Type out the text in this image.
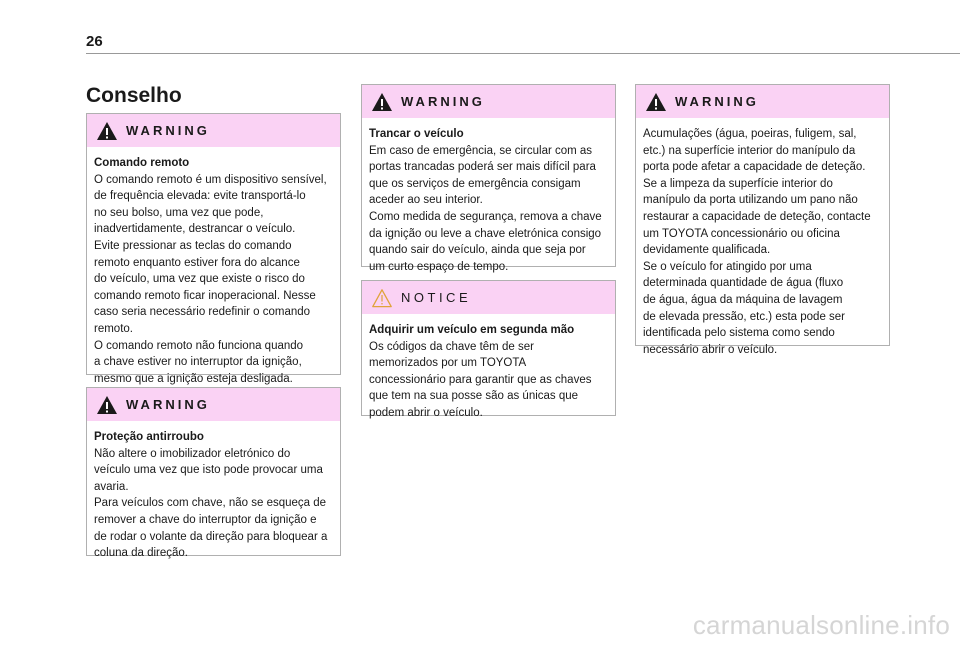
26
Conselho
WARNING

Comando remoto

O comando remoto é um dispositivo sensível,

de frequência elevada: evite transportá-lo

no seu bolso, uma vez que pode,

inadvertidamente, destrancar o veículo.

Evite pressionar as teclas do comando

remoto enquanto estiver fora do alcance

do veículo, uma vez que existe o risco do

comando remoto ficar inoperacional. Nesse

caso seria necessário redefinir o comando

remoto.

O comando remoto não funciona quando

a chave estiver no interruptor da ignição,

mesmo que a ignição esteja desligada.

WARNING

Proteção antirroubo

Não altere o imobilizador eletrónico do

veículo uma vez que isto pode provocar uma

avaria.

Para veículos com chave, não se esqueça de

remover a chave do interruptor da ignição e

de rodar o volante da direção para bloquear a

coluna da direção.

WARNING

Trancar o veículo

Em caso de emergência, se circular com as

portas trancadas poderá ser mais difícil para

que os serviços de emergência consigam

aceder ao seu interior.

Como medida de segurança, remova a chave

da ignição ou leve a chave eletrónica consigo

quando sair do veículo, ainda que seja por

um curto espaço de tempo.

NOTICE

Adquirir um veículo em segunda mão

Os códigos da chave têm de ser

memorizados por um TOYOTA

concessionário para garantir que as chaves

que tem na sua posse são as únicas que

podem abrir o veículo.

WARNING

Acumulações (água, poeiras, fuligem, sal,

etc.) na superfície interior do manípulo da

porta pode afetar a capacidade de deteção.

Se a limpeza da superfície interior do

manípulo da porta utilizando um pano não

restaurar a capacidade de deteção, contacte

um TOYOTA concessionário ou oficina

devidamente qualificada.

Se o veículo for atingido por uma

determinada quantidade de água (fluxo

de água, água da máquina de lavagem

de elevada pressão, etc.) esta pode ser

identificada pelo sistema como sendo

necessário abrir o veículo.

carmanualsonline.info
